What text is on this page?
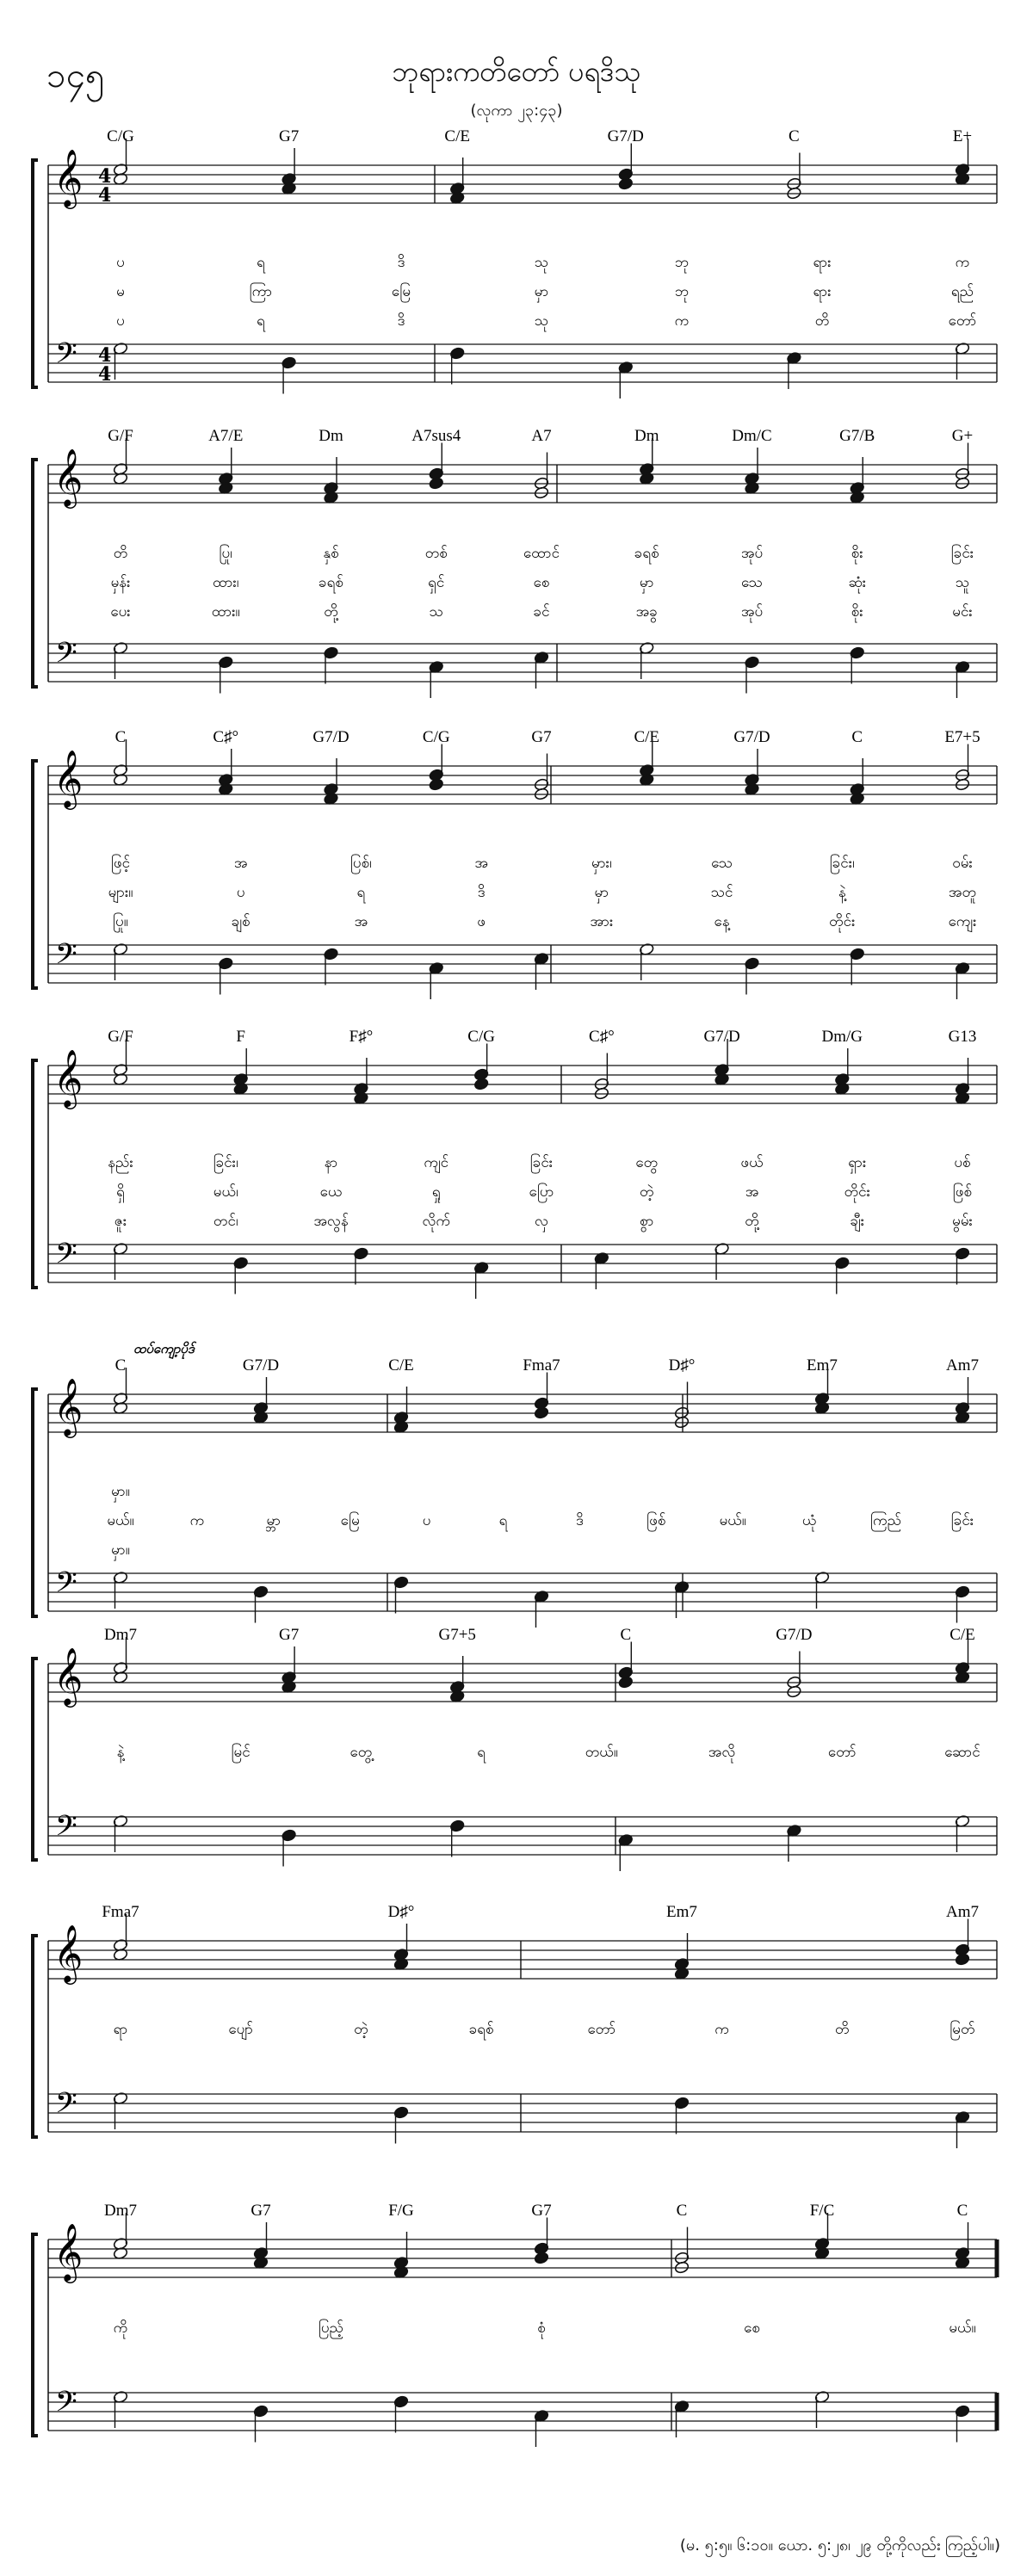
၁၄၅	ဘုရားကတိတော် ပရဒိသု
(လုကာ ၂၃:၄၃)
𝄞
𝄢
4
4
4
4
C/G	G7	C/E	G7/D	C	E+
ပ	ရ	ဒိ	သု	ဘု	ရား	က
မ	ကြာ	မြေ	မှာ	ဘု	ရား	ရည်
ပ	ရ	ဒိ	သု	က	တိ	တော်
𝄞
𝄢
G/F	A7/E	Dm	A7sus4	A7	Dm	Dm/C	G7/B	G+
တိ	ပြု၊	နှစ်	တစ်	ထောင်	ခရစ်	အုပ်	စိုး	ခြင်း
မှန်း	ထား၊	ခရစ်	ရှင်	စေ	မှာ	သေ	ဆုံး	သူ
ပေး	ထား။	တို့	သ	ခင်	အခွ	အုပ်	စိုး	မင်း
𝄞
𝄢
C	C♯°	G7/D	C/G	G7	C/E	G7/D	C	E7+5
ဖြင့်	အ	ပြစ်၊	အ	မှား၊	သေ	ခြင်း၊	ဝမ်း
များ။	ပ	ရ	ဒိ	မှာ	သင်	နဲ့	အတူ
ပြု။	ချစ်	အ	ဖ	အား	နေ့	တိုင်း	ကျေး
𝄞
𝄢
G/F	F	F♯°	C/G	C♯°	G7/D	Dm/G	G13
နည်း	ခြင်း၊	နာ	ကျင်	ခြင်း	တွေ	ဖယ်	ရှား	ပစ်
ရှိ	မယ်၊	ယေ	ရှု	ပြော	တဲ့	အ	တိုင်း	ဖြစ်
ဇူး	တင်၊	အလွန်	လိုက်	လှ	စွာ	တို့	ချီး	မွမ်း
𝄞
𝄢
C	G7/D	C/E	Fma7	D♯°	Em7	Am7
မှာ။
မယ်။	က	မ္ဘာ	မြေ	ပ	ရ	ဒိ	ဖြစ်	မယ်။	ယုံ	ကြည်	ခြင်း
မှာ။
ထပ်ကျော့ပိုဒ်
𝄞
𝄢
Dm7	G7	G7+5	C	G7/D	C/E
နဲ့	မြင်	တွေ့	ရ	တယ်။	အလို	တော်	ဆောင်
𝄞
𝄢
Fma7	D♯°	Em7	Am7
ရာ	ပျော်	တဲ့	ခရစ်	တော်	က	တိ	မြတ်
𝄞
𝄢
Dm7	G7	F/G	G7	C	F/C	C
ကို	ပြည့်	စုံ	စေ	မယ်။
(မ. ၅:၅။ ၆:၁၀။ ယော. ၅:၂၈၊ ၂၉ တို့ကိုလည်း ကြည့်ပါ။)
